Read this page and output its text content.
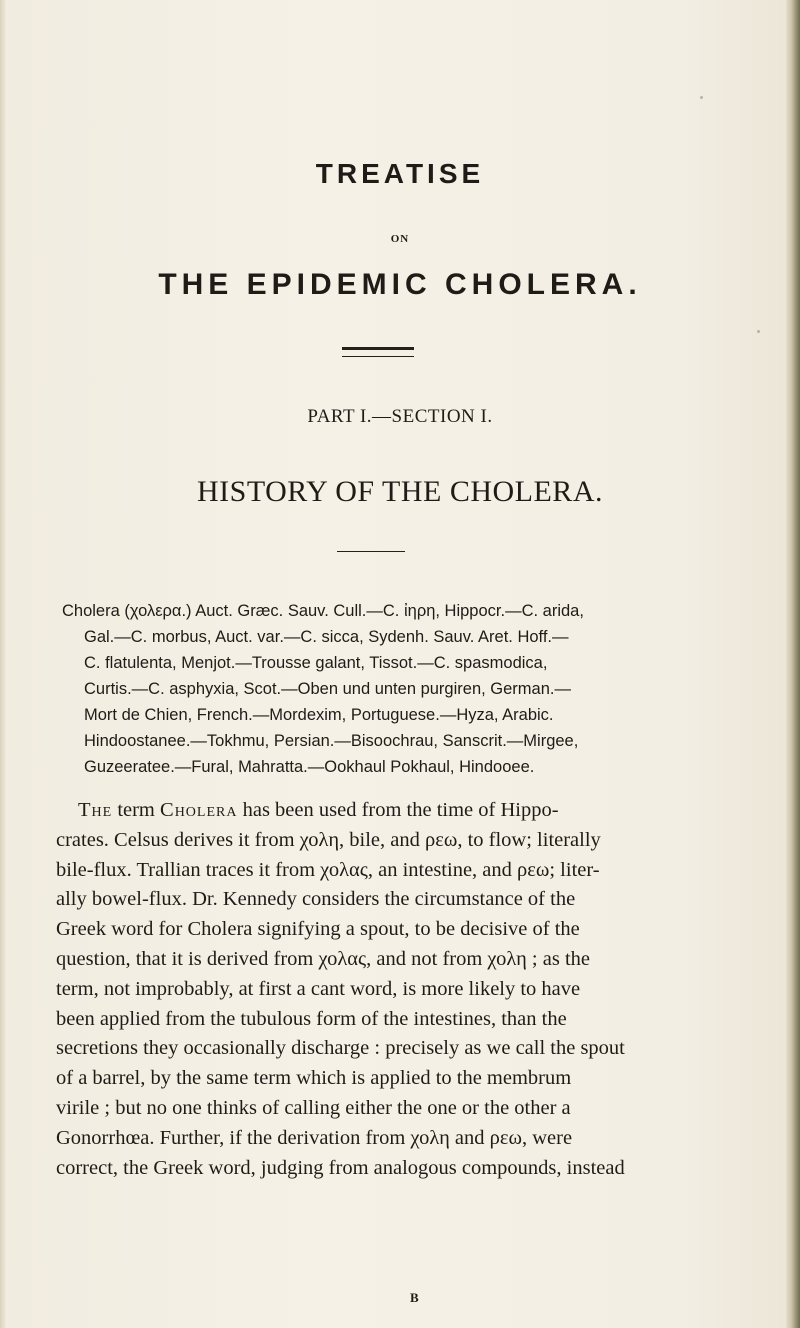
TREATISE
ON
THE EPIDEMIC CHOLERA.
PART I.—SECTION I.
HISTORY OF THE CHOLERA.
Cholera (χολερα.) Auct. Græc. Sauv. Cull.—C. ἰηρη, Hippocr.—C. arida,
Gal.—C. morbus, Auct. var.—C. sicca, Sydenh. Sauv. Aret. Hoff.—
C. flatulenta, Menjot.—Trousse galant, Tissot.—C. spasmodica,
Curtis.—C. asphyxia, Scot.—Oben und unten purgiren, German.—
Mort de Chien, French.—Mordexim, Portuguese.—Hyza, Arabic.
Hindoostanee.—Tokhmu, Persian.—Bisoochrau, Sanscrit.—Mirgee,
Guzeeratee.—Fural, Mahratta.—Ookhaul Pokhaul, Hindooee.
The term Cholera has been used from the time of Hippo-
crates. Celsus derives it from χολη, bile, and ρεω, to flow; literally
bile-flux. Trallian traces it from χολας, an intestine, and ρεω; liter-
ally bowel-flux. Dr. Kennedy considers the circumstance of the
Greek word for Cholera signifying a spout, to be decisive of the
question, that it is derived from χολας, and not from χολη ; as the
term, not improbably, at first a cant word, is more likely to have
been applied from the tubulous form of the intestines, than the
secretions they occasionally discharge : precisely as we call the spout
of a barrel, by the same term which is applied to the membrum
virile ; but no one thinks of calling either the one or the other a
Gonorrhœa. Further, if the derivation from χολη and ρεω, were
correct, the Greek word, judging from analogous compounds, instead
B
